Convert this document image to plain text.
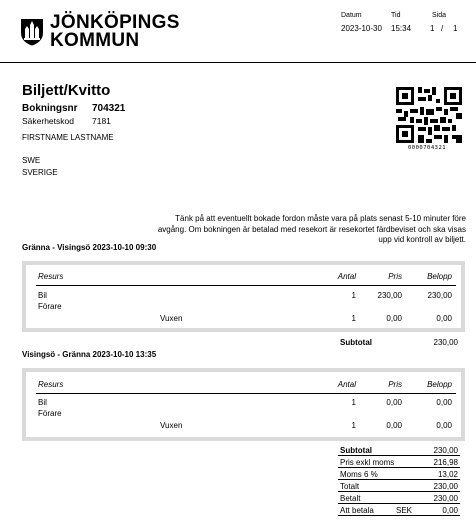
JÖNKÖPINGS
KOMMUN
Datum
2023-10-30
Tid
15:34
Sida
1 / 1
Biljett/Kvitto
Bokningsnr 704321
Säkerhetskod 7181
FIRSTNAME LASTNAME
SWE
SVERIGE
0000704321
Tänk på att eventuellt bokade fordon måste vara på plats senast 5-10 minuter före
avgång. Om bokningen är betalad med resekort är resekortet färdbeviset och ska visas
upp vid kontroll av biljett.
Gränna - Visingsö 2023-10-10 09:30
Resurs	Antal	Pris	Belopp
Bil
Förare
1	230,00	230,00
Vuxen	1	0,00	0,00
Subtotal	230,00
Visingsö - Gränna 2023-10-10 13:35
Resurs	Antal	Pris	Belopp
Bil
Förare
1	0,00	0,00
Vuxen	1	0,00	0,00
Subtotal	230,00
Pris exkl moms	216,98
Moms 6 %	13,02
Totalt	230,00
Betalt	230,00
Att betala	SEK	0,00
